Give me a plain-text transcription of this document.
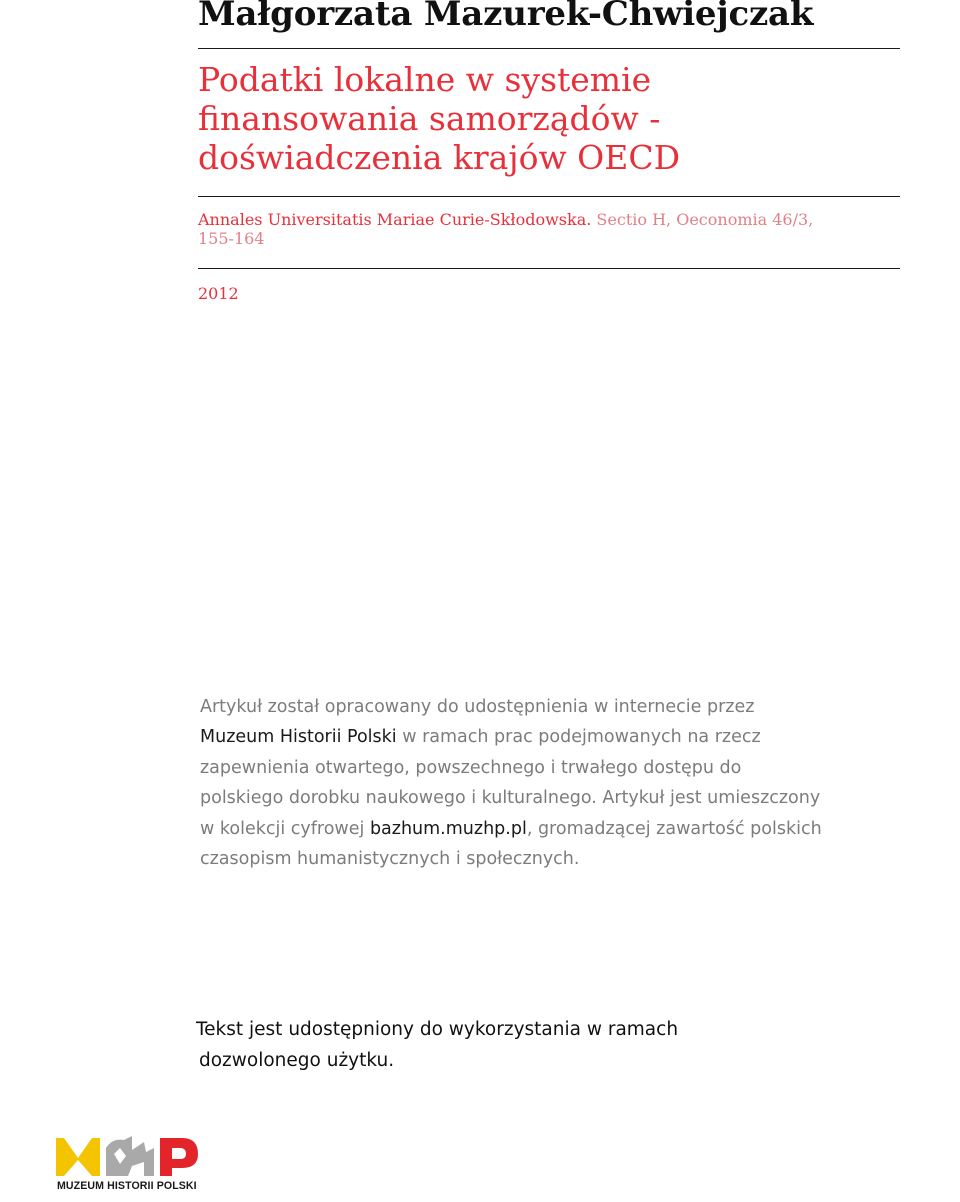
Małgorzata Mazurek-Chwiejczak
Podatki lokalne w systemie
finansowania samorządów -
doświadczenia krajów OECD
Annales Universitatis Mariae Curie-Skłodowska. Sectio H, Oeconomia 46/3,
155-164
2012
Artykuł został opracowany do udostępnienia w internecie przez
Muzeum Historii Polski w ramach prac podejmowanych na rzecz
zapewnienia otwartego, powszechnego i trwałego dostępu do
polskiego dorobku naukowego i kulturalnego. Artykuł jest umieszczony
w kolekcji cyfrowej bazhum.muzhp.pl, gromadzącej zawartość polskich
czasopism humanistycznych i społecznych.
Tekst jest udostępniony do wykorzystania w ramach
dozwolonego użytku.
MUZEUM HISTORII POLSKI
